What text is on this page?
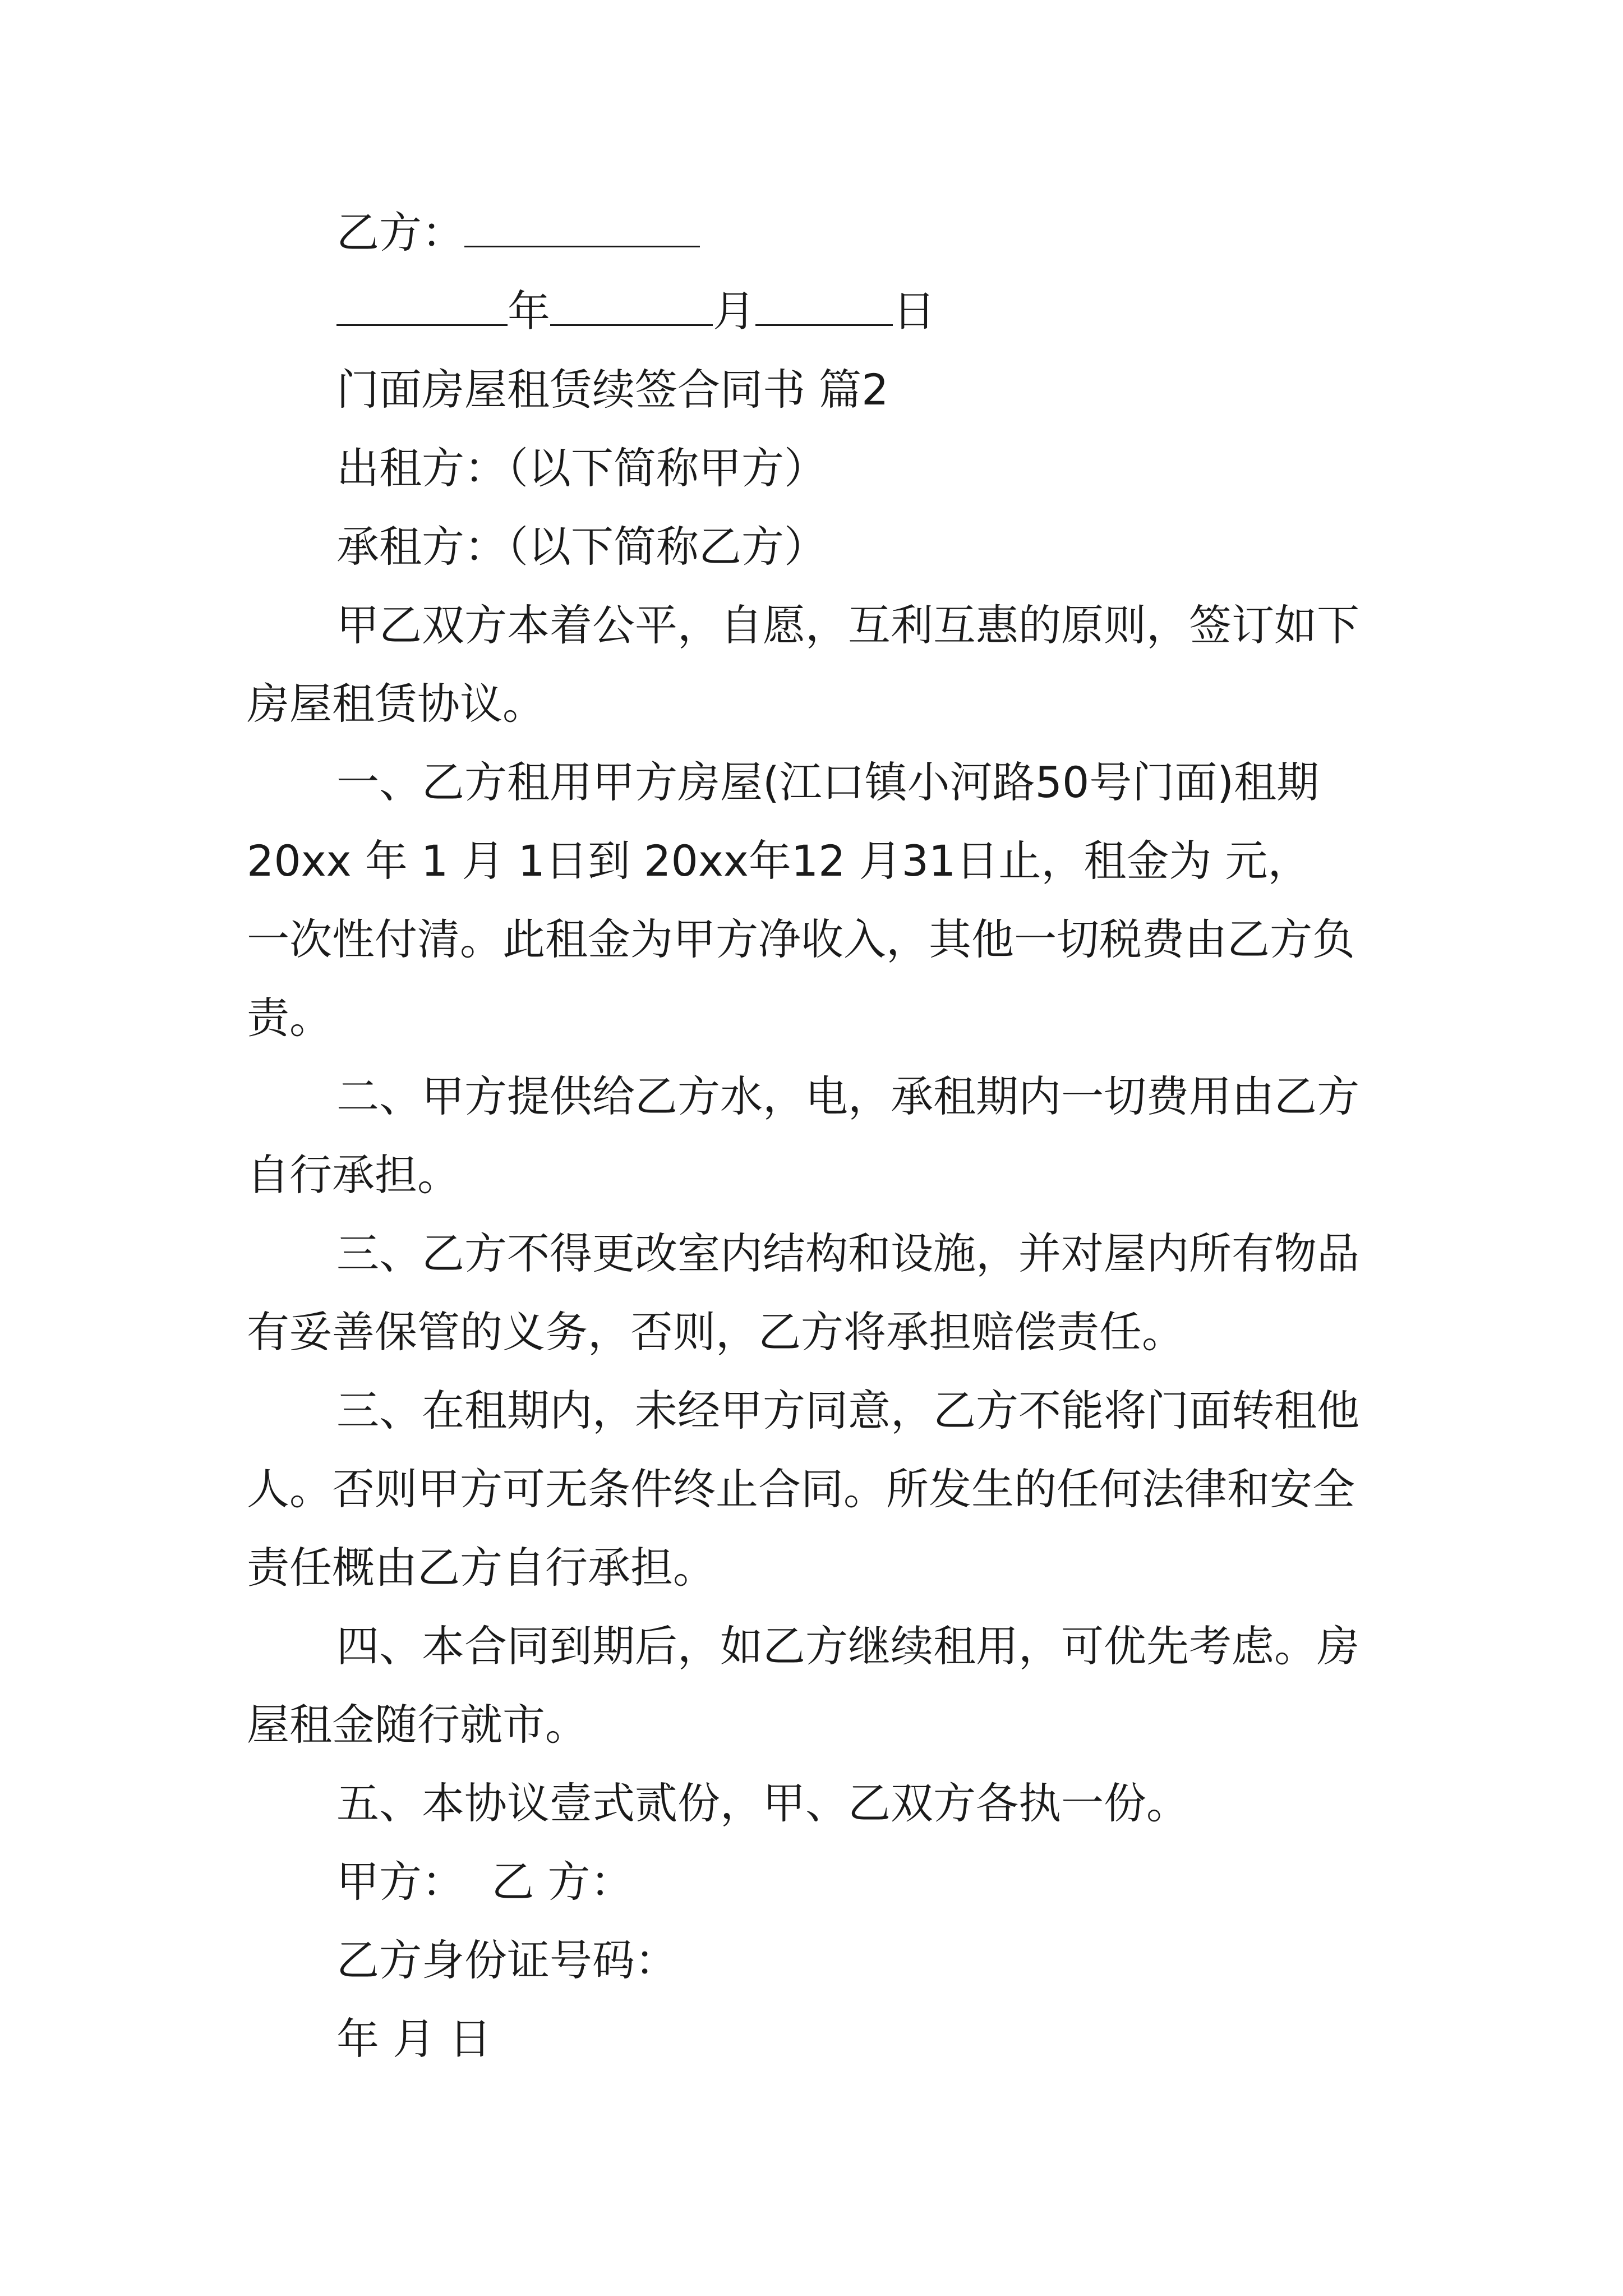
乙方：
年	月	日
门面房屋租赁续签合同书 篇2
出租方：（以下简称甲方）
承租方：（以下简称乙方）
甲乙双方本着公平，自愿，互利互惠的原则，签订如下
房屋租赁协议。
一、乙方租用甲方房屋(江口镇小河路50号门面)租期
20xx 年 1 月 1日到 20xx年12 月31日止，租金为 元，
一次性付清。此租金为甲方净收入，其他一切税费由乙方负
责。
二、甲方提供给乙方水，电，承租期内一切费用由乙方
自行承担。
三、乙方不得更改室内结构和设施，并对屋内所有物品
有妥善保管的义务，否则，乙方将承担赔偿责任。
三、在租期内，未经甲方同意，乙方不能将门面转租他
人。否则甲方可无条件终止合同。所发生的任何法律和安全
责任概由乙方自行承担。
四、本合同到期后，如乙方继续租用，可优先考虑。房
屋租金随行就市。
五、本协议壹式贰份，甲、乙双方各执一份。
甲方：  乙 方：
乙方身份证号码：
年 月 日
